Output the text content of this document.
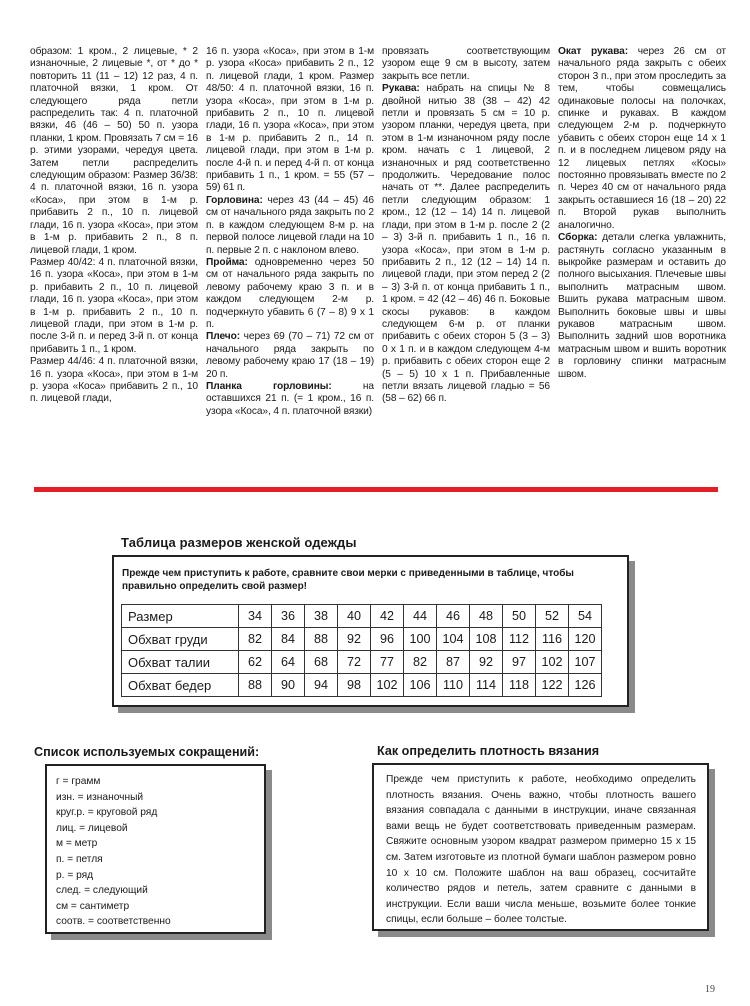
образом: 1 кром., 2 лицевые, * 2 изнаночные, 2 лицевые *, от * до * повторить 11 (11 – 12) 12 раз, 4 п. платочной вязки, 1 кром. От следующего ряда петли распределить так: 4 п. платочной вязки, 46 (46 – 50) 50 п. узора планки, 1 кром. Провязать 7 см = 16 р. этими узорами, чередуя цвета. Затем петли распределить следующим образом: Размер 36/38: 4 п. платочной вязки, 16 п. узора «Коса», при этом в 1-м р. прибавить 2 п., 10 п. лицевой глади, 16 п. узора «Коса», при этом в 1-м р. прибавить 2 п., 8 п. лицевой глади, 1 кром.

Размер 40/42: 4 п. платочной вязки, 16 п. узора «Коса», при этом в 1-м р. прибавить 2 п., 10 п. лицевой глади, 16 п. узора «Коса», при этом в 1-м р. прибавить 2 п., 10 п. лицевой глади, при этом в 1-м р. после 3-й п. и перед 3-й п. от конца прибавить 1 п., 1 кром.

Размер 44/46: 4 п. платочной вязки, 16 п. узора «Коса», при этом в 1-м р. узора «Коса» прибавить 2 п., 10 п. лицевой глади,

16 п. узора «Коса», при этом в 1-м р. узора «Коса» прибавить 2 п., 12 п. лицевой глади, 1 кром. Размер 48/50: 4 п. платочной вязки, 16 п. узора «Коса», при этом в 1-м р. прибавить 2 п., 10 п. лицевой глади, 16 п. узора «Коса», при этом в 1-м р. прибавить 2 п., 14 п. лицевой глади, при этом в 1-м р. после 4-й п. и перед 4-й п. от конца прибавить 1 п., 1 кром. = 55 (57 – 59) 61 п.

Горловина: через 43 (44 – 45) 46 см от начального ряда закрыть по 2 п. в каждом следующем 8-м р. на первой полосе лицевой глади на 10 п. первые 2 п. с наклоном влево.

Пройма: одновременно через 50 см от начального ряда закрыть по левому рабочему краю 3 п. и в каждом следующем 2-м р. подчеркнуто убавить 6 (7 – 8) 9 х 1 п.

Плечо: через 69 (70 – 71) 72 см от начального ряда закрыть по левому рабочему краю 17 (18 – 19) 20 п.

Планка горловины: на оставшихся 21 п. (= 1 кром., 16 п. узора «Коса», 4 п. платочной вязки)

провязать соответствующим узором еще 9 см в высоту, затем закрыть все петли.

Рукава: набрать на спицы № 8 двойной нитью 38 (38 – 42) 42 петли и провязать 5 см = 10 р. узором планки, чередуя цвета, при этом в 1-м изнаночном ряду после кром. начать с 1 лицевой, 2 изнаночных и ряд соответственно продолжить. Чередование полос начать от **. Далее распределить петли следующим образом: 1 кром., 12 (12 – 14) 14 п. лицевой глади, при этом в 1-м р. после 2 (2 – 3) 3-й п. прибавить 1 п., 16 п. узора «Коса», при этом в 1-м р. прибавить 2 п., 12 (12 – 14) 14 п. лицевой глади, при этом перед 2 (2 – 3) 3-й п. от конца прибавить 1 п., 1 кром. = 42 (42 – 46) 46 п. Боковые скосы рукавов: в каждом следующем 6-м р. от планки прибавить с обеих сторон 5 (3 – 3) 0 х 1 п. и в каждом следующем 4-м р. прибавить с обеих сторон еще 2 (5 – 5) 10 х 1 п. Прибавленные петли вязать лицевой гладью = 56 (58 – 62) 66 п.

Окат рукава: через 26 см от начального ряда закрыть с обеих сторон 3 п., при этом проследить за тем, чтобы совмещались одинаковые полосы на полочках, спинке и рукавах. В каждом следующем 2-м р. подчеркнуто убавить с обеих сторон еще 14 х 1 п. и в последнем лицевом ряду на 12 лицевых петлях «Косы» постоянно провязывать вместе по 2 п. Через 40 см от начального ряда закрыть оставшиеся 16 (18 – 20) 22 п. Второй рукав выполнить аналогично.

Сборка: детали слегка увлажнить, растянуть согласно указанным в выкройке размерам и оставить до полного высыхания. Плечевые швы выполнить матрасным швом. Вшить рукава матрасным швом. Выполнить боковые швы и швы рукавов матрасным швом. Выполнить задний шов воротника матрасным швом и вшить воротник в горловину спинки матрасным швом.

Таблица размеров женской одежды
Прежде чем приступить к работе, сравните свои мерки с приведенными в таблице, чтобы правильно определить свой размер!
Размер	34	36	38	40	42	44	46	48	50	52	54
Обхват груди	82	84	88	92	96	100	104	108	112	116	120
Обхват талии	62	64	68	72	77	82	87	92	97	102	107
Обхват бедер	88	90	94	98	102	106	110	114	118	122	126
Список используемых сокращений:
г = грамм
изн. = изнаночный
круг.р. = круговой ряд
лиц. = лицевой
м = метр
п. = петля
р. = ряд
след. = следующий
см = сантиметр
соотв. = соответственно
Как определить плотность вязания

Прежде чем приступить к работе, необходимо определить плотность вязания. Очень важно, чтобы плотность вашего вязания совпадала с данными в инструкции, иначе связанная вами вещь не будет соответствовать приведенным размерам. Свяжите основным узором квадрат размером примерно 15 х 15 см. Затем изготовьте из плотной бумаги шаблон размером ровно 10 х 10 см. Положите шаблон на ваш образец, сосчитайте количество рядов и петель, затем сравните с данными в инструкции. Если ваши числа меньше, возьмите более тонкие спицы, если больше – более толстые.

19
